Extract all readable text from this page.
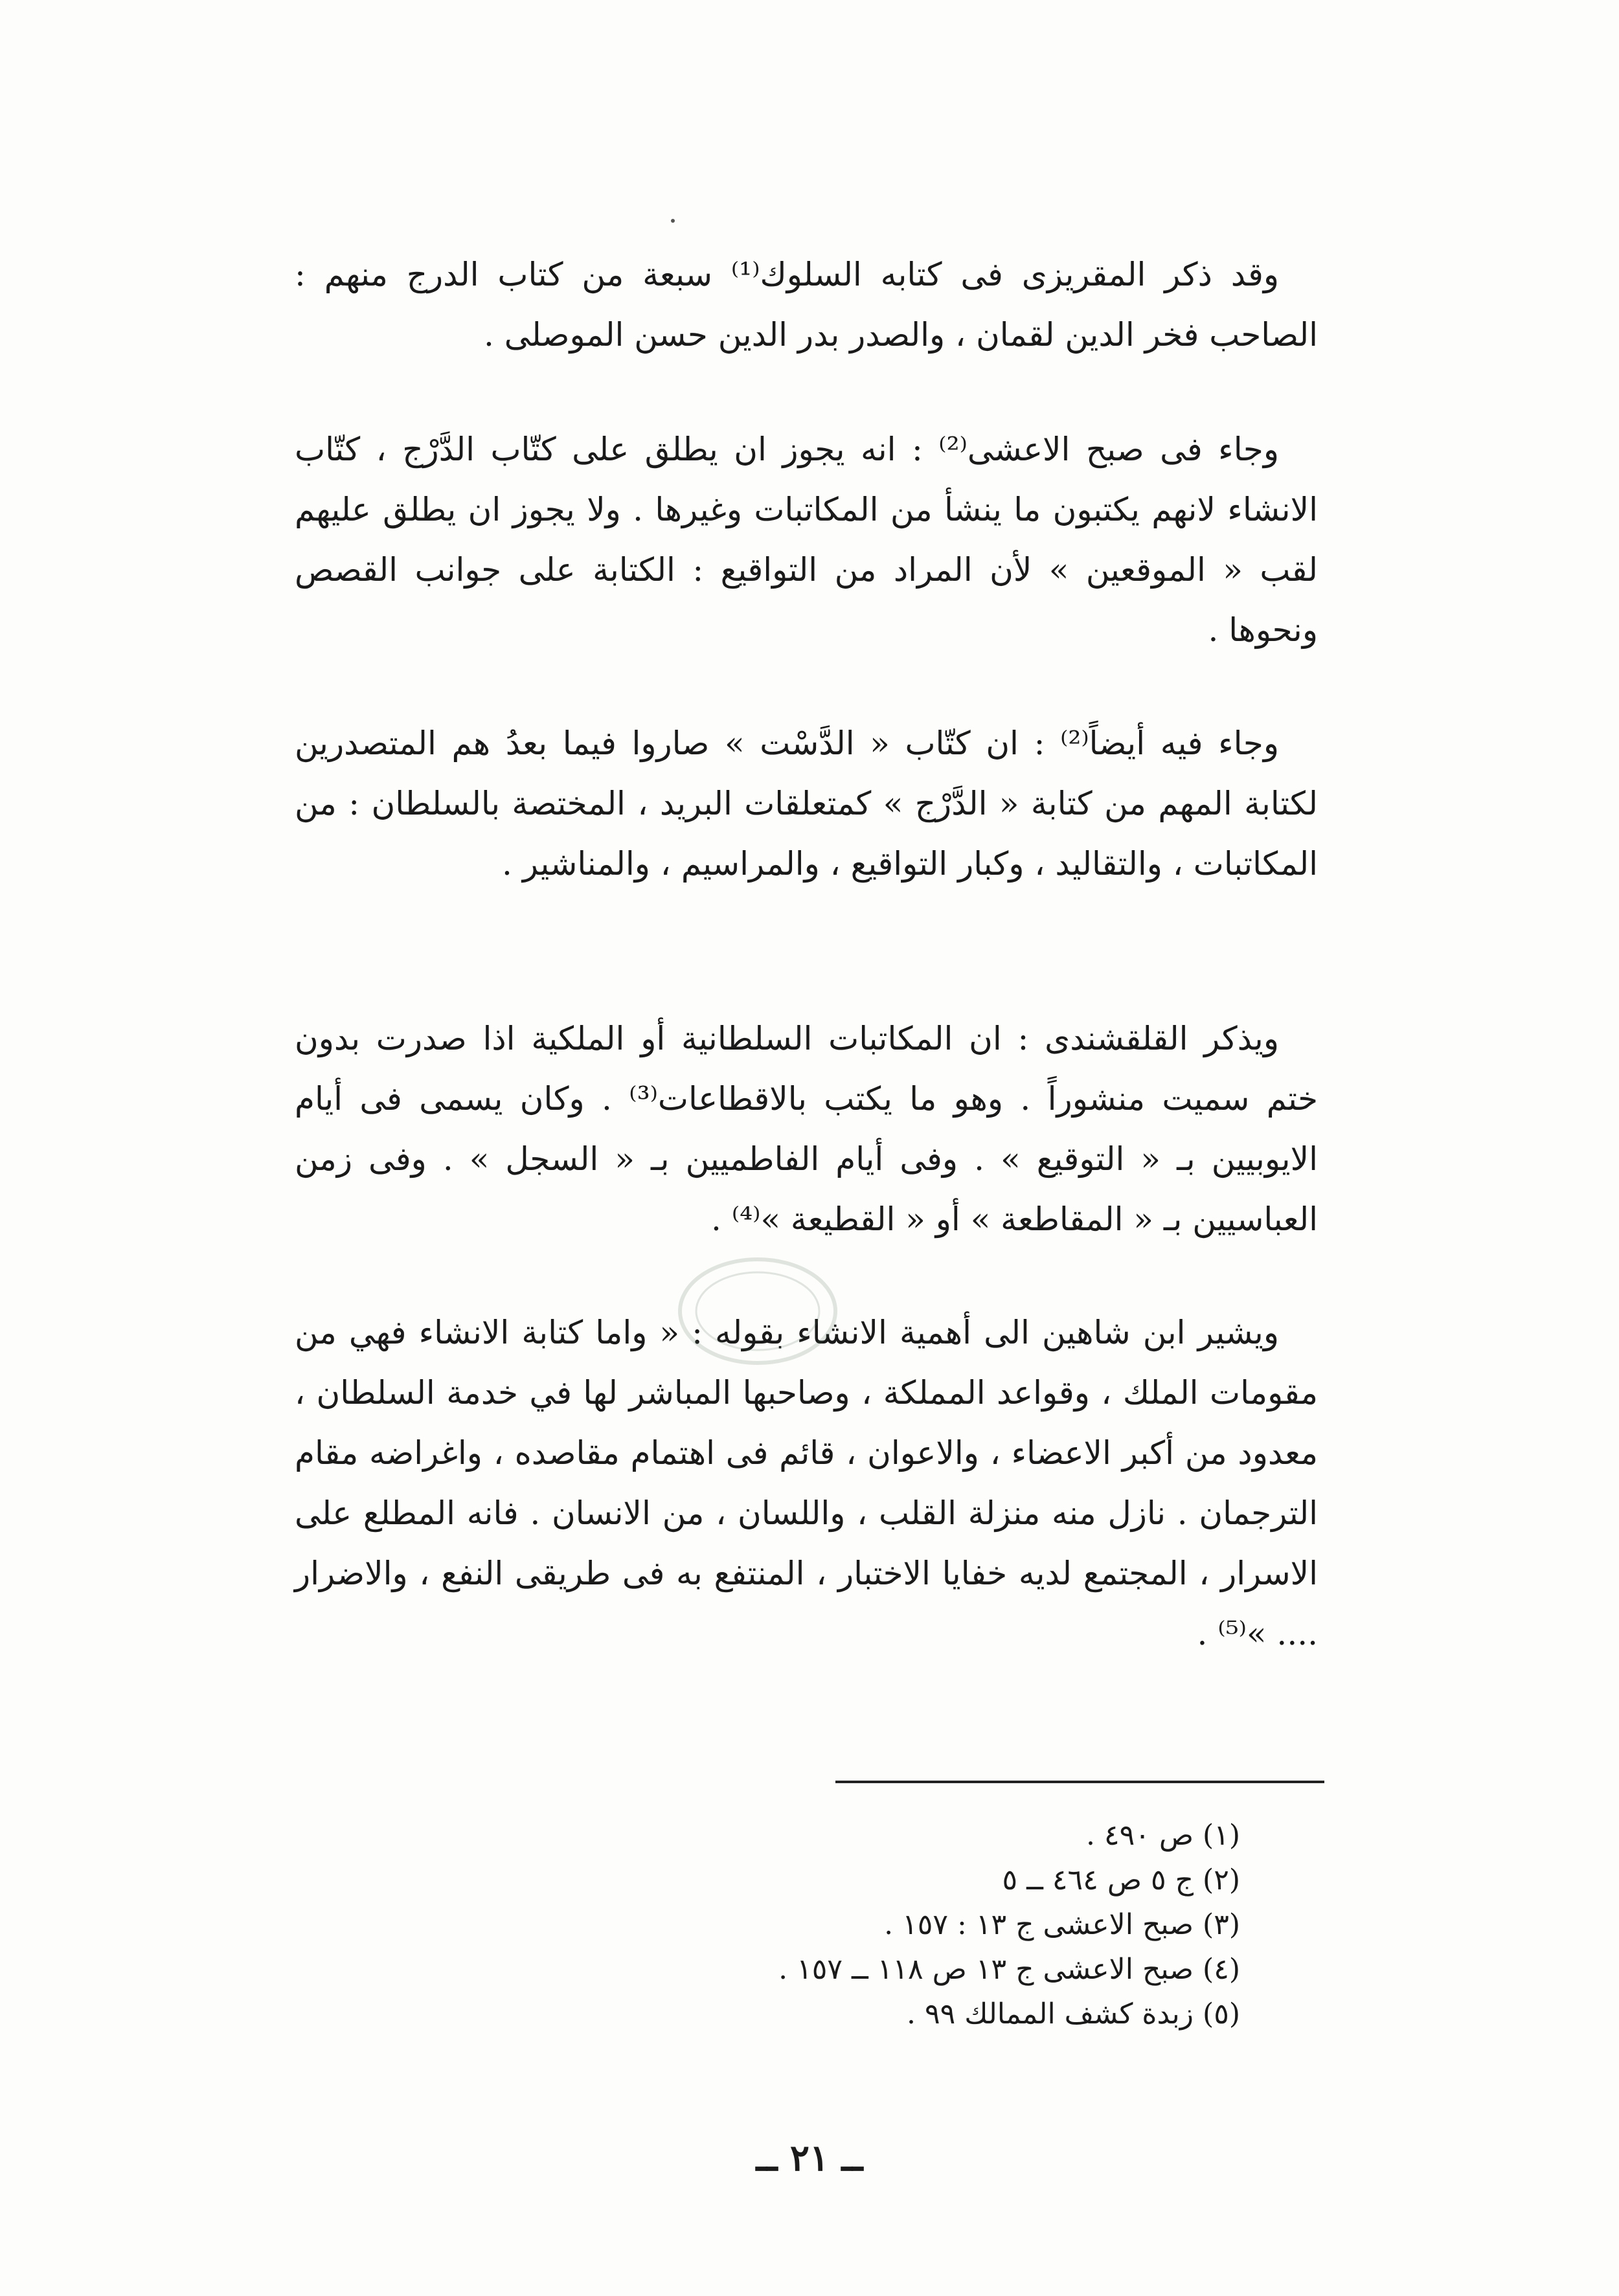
وقد ذكر المقريزى فى كتابه السلوك⁽¹⁾ سبعة من كتاب الدرج منهم : الصاحب فخر الدين لقمان ، والصدر بدر الدين حسن الموصلى .

وجاء فى صبح الاعشى⁽²⁾ : انه يجوز ان يطلق على كتّاب الدَّرْج ، كتّاب الانشاء لانهم يكتبون ما ينشأ من المكاتبات وغيرها . ولا يجوز ان يطلق عليهم لقب « الموقعين » لأن المراد من التواقيع : الكتابة على جوانب القصص ونحوها .

وجاء فيه أيضاً⁽²⁾ : ان كتّاب « الدَّسْت » صاروا فيما بعدُ هم المتصدرين لكتابة المهم من كتابة « الدَّرْج » كمتعلقات البريد ، المختصة بالسلطان : من المكاتبات ، والتقاليد ، وكبار التواقيع ، والمراسيم ، والمناشير .

ويذكر القلقشندى : ان المكاتبات السلطانية أو الملكية اذا صدرت بدون ختم سميت منشوراً . وهو ما يكتب بالاقطاعات⁽³⁾ . وكان يسمى فى أيام الايوبيين بـ « التوقيع » . وفى أيام الفاطميين بـ « السجل » . وفى زمن العباسيين بـ « المقاطعة » أو « القطيعة »⁽⁴⁾ .

ويشير ابن شاهين الى أهمية الانشاء بقوله : « واما كتابة الانشاء فهي من مقومات الملك ، وقواعد المملكة ، وصاحبها المباشر لها في خدمة السلطان ، معدود من أكبر الاعضاء ، والاعوان ، قائم فى اهتمام مقاصده ، واغراضه مقام الترجمان . نازل منه منزلة القلب ، واللسان ، من الانسان . فانه المطلع على الاسرار ، المجتمع لديه خفايا الاختبار ، المنتفع به فى طريقى النفع ، والاضرار .... »⁽⁵⁾ .

(١) ص ٤٩٠ .
(٢) ج ٥ ص ٤٦٤ ــ ٥
(٣) صبح الاعشى ج ١٣ : ١٥٧ .
(٤) صبح الاعشى ج ١٣ ص ١١٨ ــ ١٥٧ .
(٥) زبدة كشف الممالك ٩٩ .
ــ ٢١ ــ
